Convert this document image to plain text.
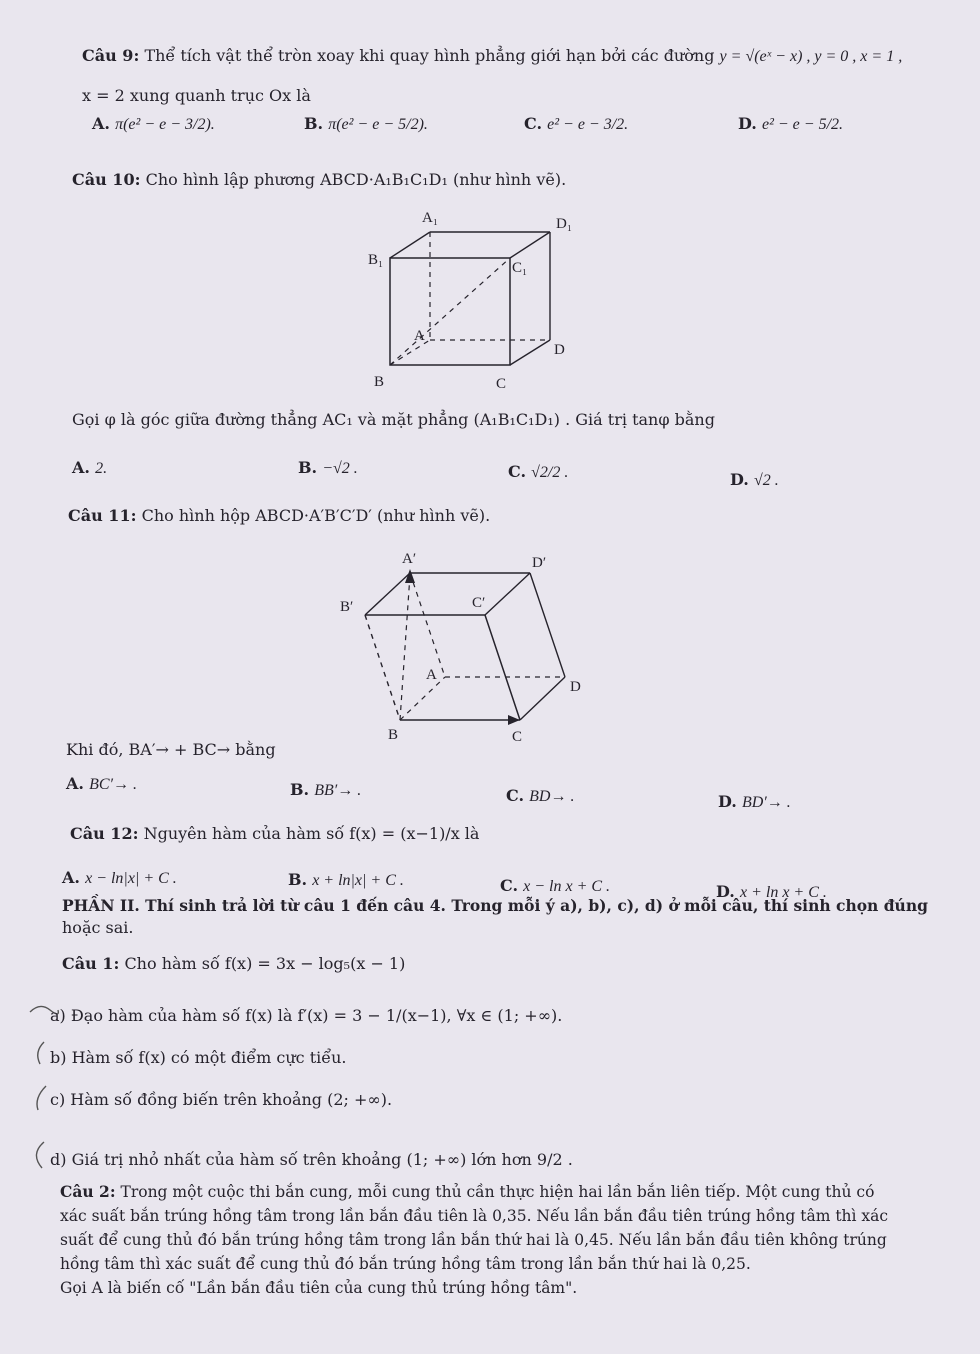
Câu 9: Thể tích vật thể tròn xoay khi quay hình phẳng giới hạn bởi các đường y = √(eˣ − x) , y = 0 , x = 1 ,
x = 2 xung quanh trục Ox là
A. π(e² − e − 3/2).	B. π(e² − e − 5/2).	C. e² − e − 3/2.	D. e² − e − 5/2.
Câu 10: Cho hình lập phương ABCD·A₁B₁C₁D₁ (như hình vẽ).
A₁	D₁
B₁	C₁
A
D
B	C
Gọi φ là góc giữa đường thẳng AC₁ và mặt phẳng (A₁B₁C₁D₁) . Giá trị tanφ bằng
A. 2.	B. −√2 .	C. √2/2 .	D. √2 .
Câu 11: Cho hình hộp ABCD·A′B′C′D′ (như hình vẽ).
A′	D′
B′	C′
A
D
B	C
Khi đó, BA′→ + BC→ bằng
A. BC′→ .	B. BB′→ .	C. BD→ .	D. BD′→ .
Câu 12: Nguyên hàm của hàm số f(x) = (x−1)/x là
A. x − ln|x| + C .	B. x + ln|x| + C .	C. x − ln x + C .	D. x + ln x + C .
PHẦN II. Thí sinh trả lời từ câu 1 đến câu 4. Trong mỗi ý a), b), c), d) ở mỗi câu, thí sinh chọn đúng
hoặc sai.
Câu 1: Cho hàm số f(x) = 3x − log₅(x − 1)
a) Đạo hàm của hàm số f(x) là f′(x) = 3 − 1/(x−1), ∀x ∈ (1; +∞).
b) Hàm số f(x) có một điểm cực tiểu.
c) Hàm số đồng biến trên khoảng (2; +∞).
d) Giá trị nhỏ nhất của hàm số trên khoảng (1; +∞) lớn hơn 9/2 .
Câu 2: Trong một cuộc thi bắn cung, mỗi cung thủ cần thực hiện hai lần bắn liên tiếp. Một cung thủ có
xác suất bắn trúng hồng tâm trong lần bắn đầu tiên là 0,35. Nếu lần bắn đầu tiên trúng hồng tâm thì xác
suất để cung thủ đó bắn trúng hồng tâm trong lần bắn thứ hai là 0,45. Nếu lần bắn đầu tiên không trúng
hồng tâm thì xác suất để cung thủ đó bắn trúng hồng tâm trong lần bắn thứ hai là 0,25.
Gọi A là biến cố "Lần bắn đầu tiên của cung thủ trúng hồng tâm".
